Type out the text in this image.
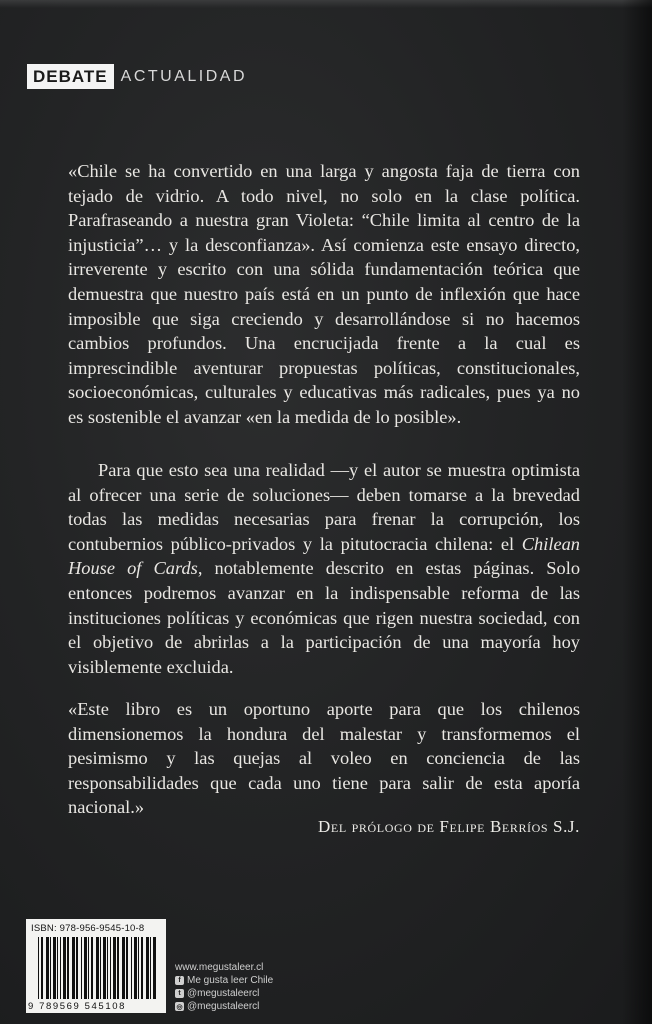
DEBATE ACTUALIDAD

«Chile se ha convertido en una larga y angosta faja de tierra con tejado de vidrio. A todo nivel, no solo en la clase política. Parafraseando a nuestra gran Violeta: “Chile limita al centro de la injusticia”… y la desconfianza». Así comienza este ensayo directo, irreverente y escrito con una sólida fundamentación teórica que demuestra que nuestro país está en un punto de inflexión que hace imposible que siga creciendo y desarrollándose si no hacemos cambios profundos. Una encrucijada frente a la cual es imprescindible aventurar propuestas políticas, constitucionales, socioeconómicas, culturales y educativas más radicales, pues ya no es sostenible el avanzar «en la medida de lo posible».

Para que esto sea una realidad —y el autor se muestra optimista al ofrecer una serie de soluciones— deben tomarse a la brevedad todas las medidas necesarias para frenar la corrupción, los contubernios público-privados y la pitutocracia chilena: el Chilean House of Cards, notablemente descrito en estas páginas. Solo entonces podremos avanzar en la indispensable reforma de las instituciones políticas y económicas que rigen nuestra sociedad, con el objetivo de abrirlas a la participación de una mayoría hoy visiblemente excluida.

«Este libro es un oportuno aporte para que los chilenos dimensionemos la hondura del malestar y transformemos el pesimismo y las quejas al voleo en conciencia de las responsabilidades que cada uno tiene para salir de esta aporía nacional.»

Del prólogo de Felipe Berríos S.J.
ISBN: 978-956-9545-10-8
9 789569 545108
www.megustaleer.cl
f Me gusta leer Chile
t @megustaleercl
◎ @megustaleercl
